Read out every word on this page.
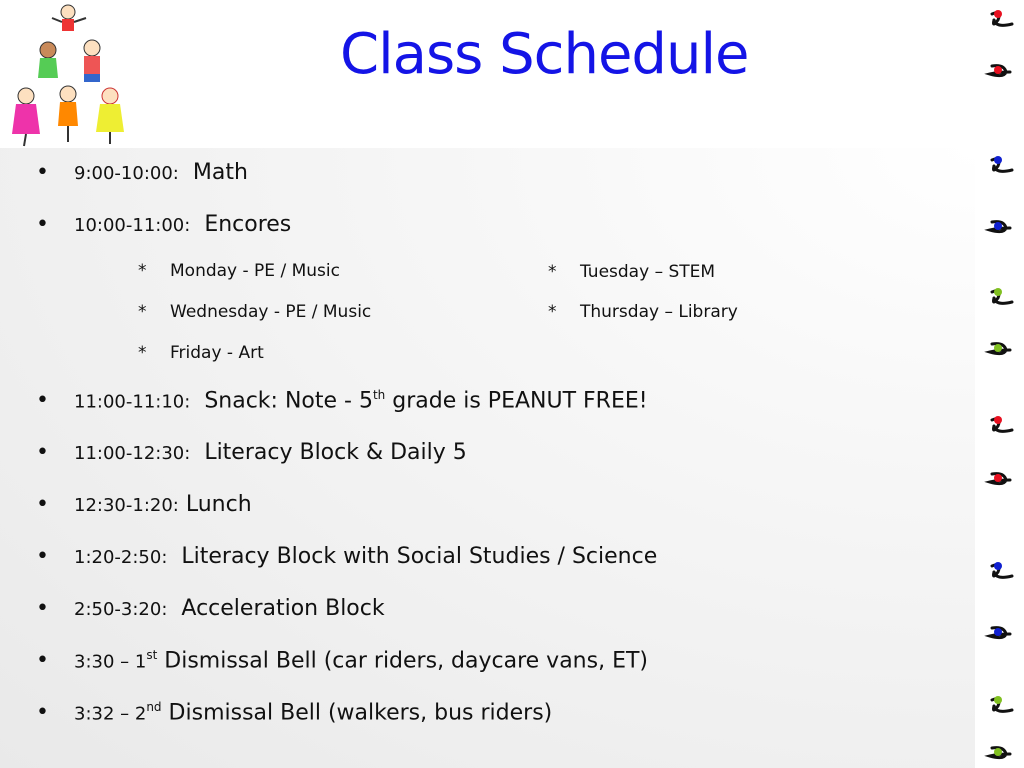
Class Schedule
• 9:00-10:00: Math
• 10:00-11:00: Encores
* Monday - PE / Music
* Wednesday - PE / Music
* Friday - Art
* Tuesday – STEM
* Thursday – Library
• 11:00-11:10: Snack: Note - 5th grade is PEANUT FREE!
• 11:00-12:30: Literacy Block & Daily 5
• 12:30-1:20: Lunch
• 1:20-2:50: Literacy Block with Social Studies / Science
• 2:50-3:20: Acceleration Block
• 3:30 – 1st Dismissal Bell (car riders, daycare vans, ET)
• 3:32 – 2nd Dismissal Bell (walkers, bus riders)
